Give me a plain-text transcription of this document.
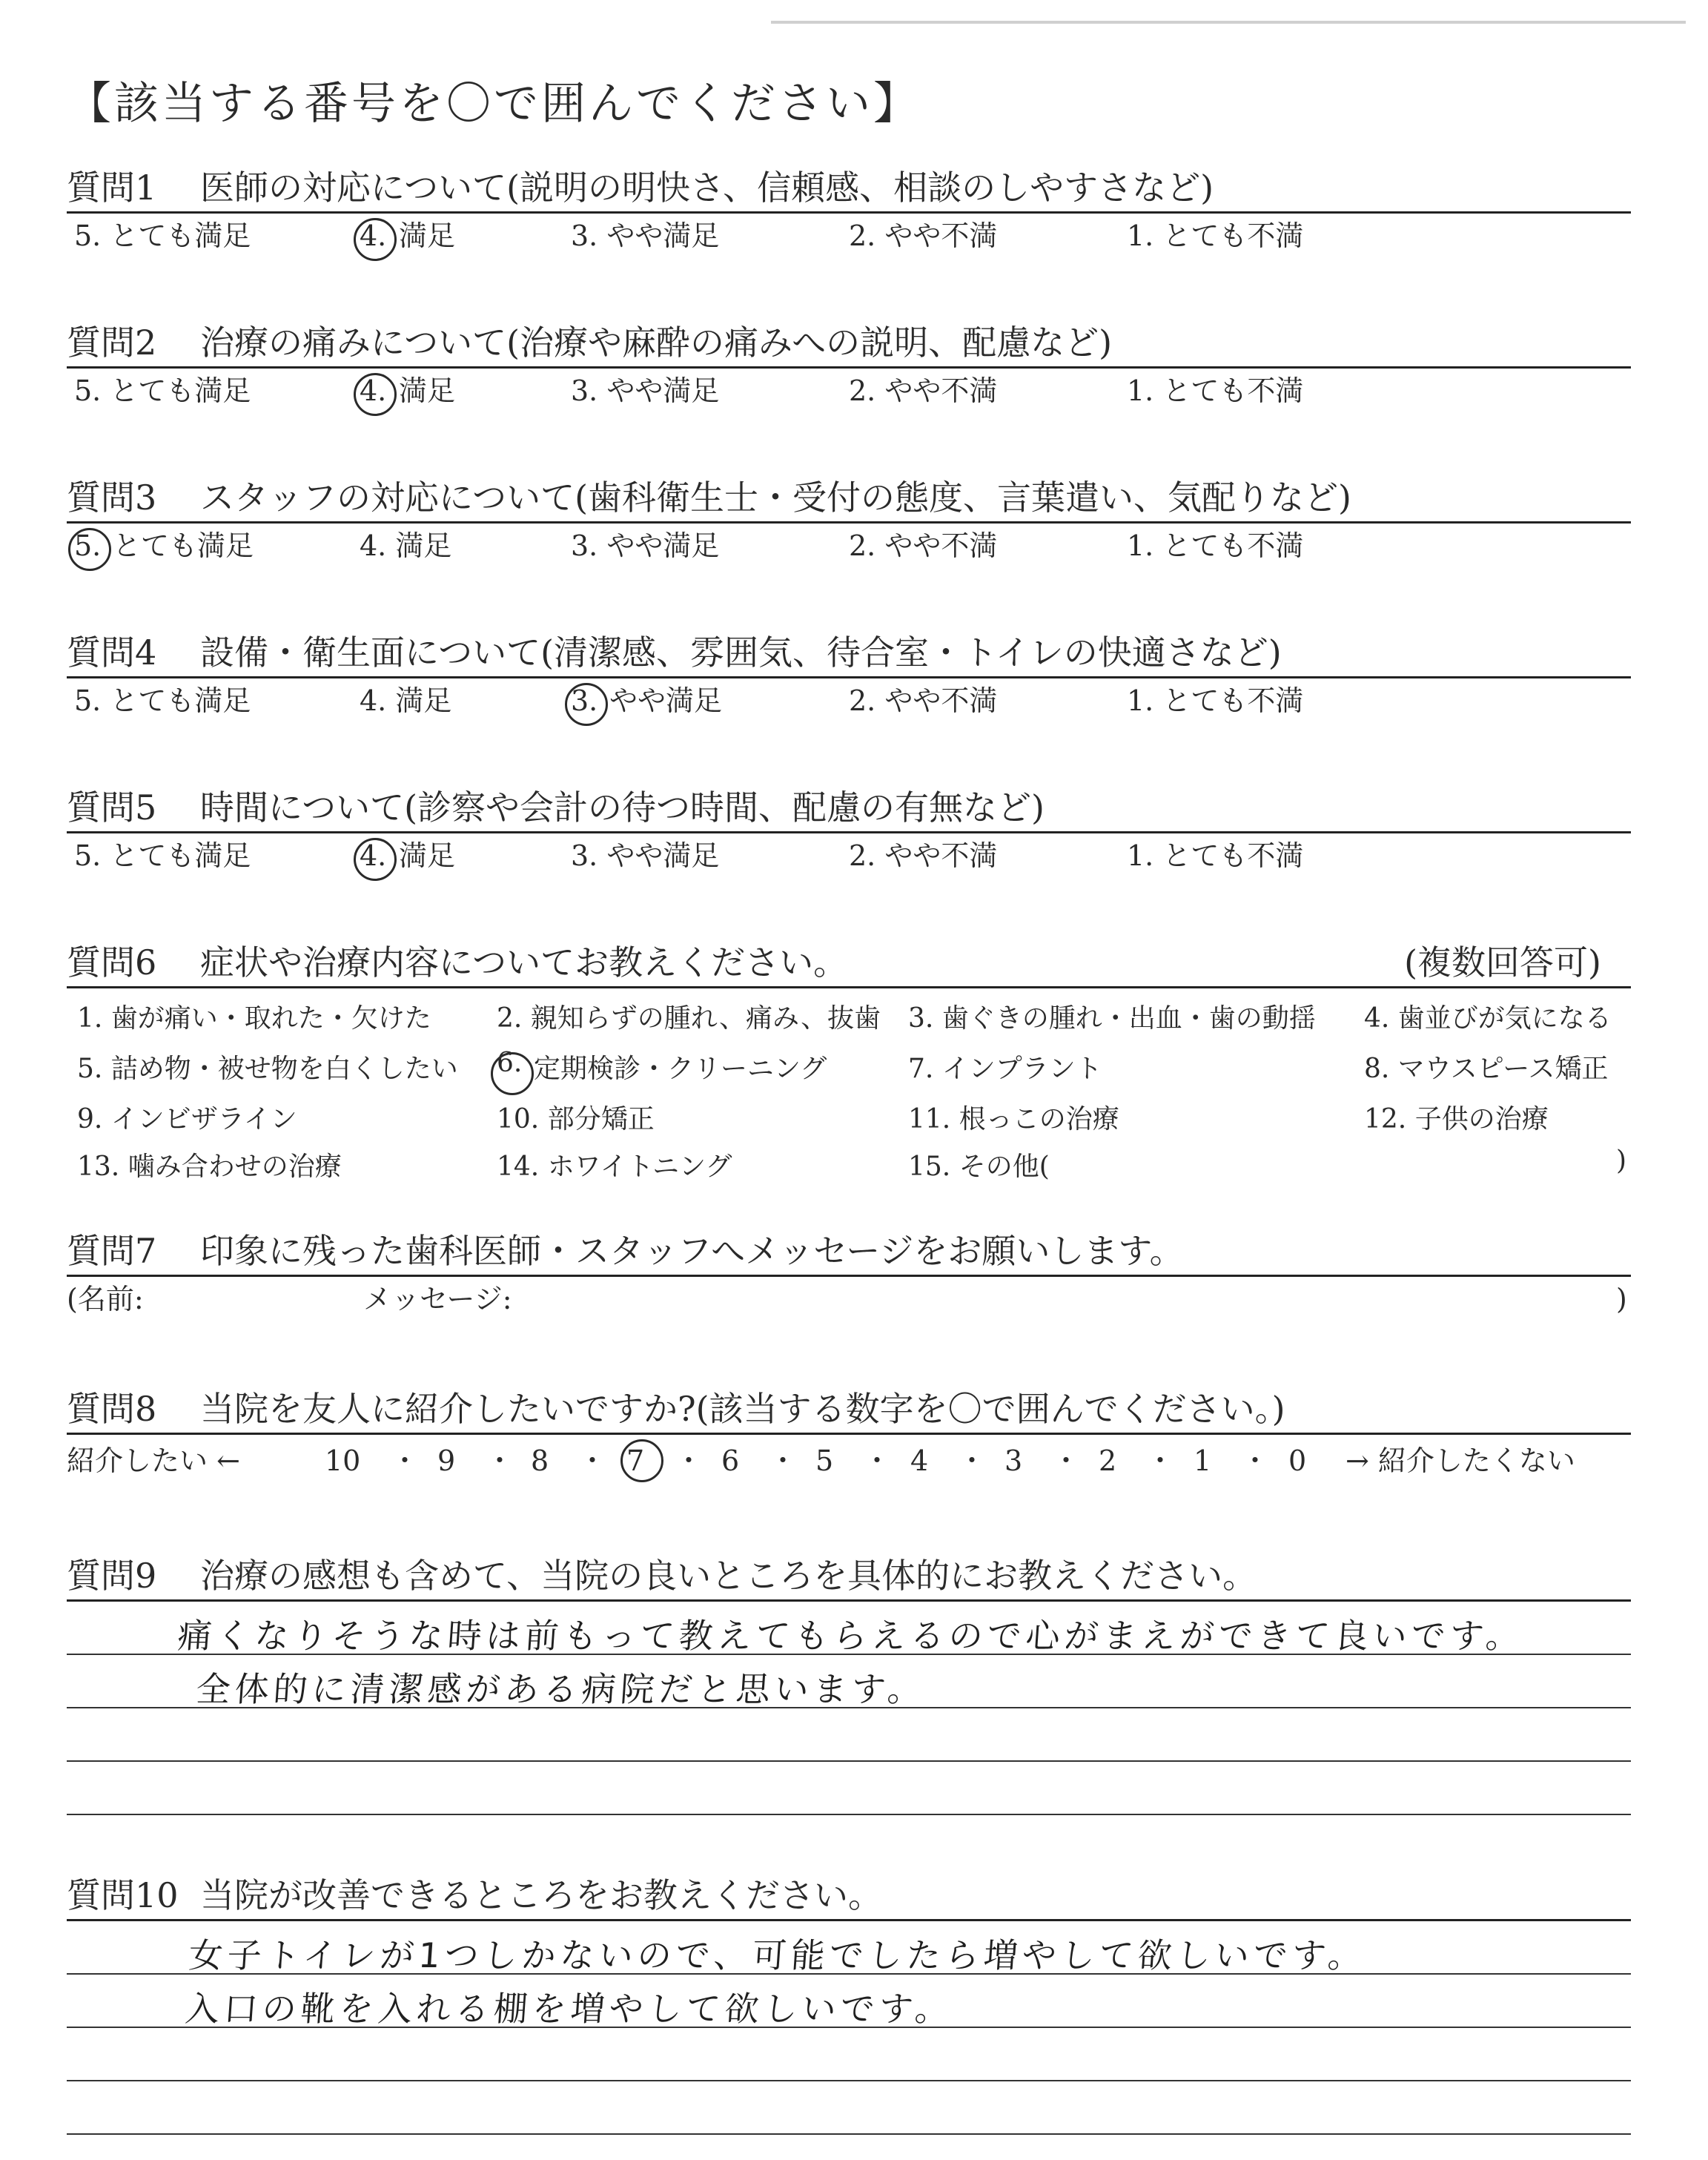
【該当する番号を〇で囲んでください】
質問1 医師の対応について(説明の明快さ、信頼感、相談のしやすさなど)
5. とても満足	4. 満足	3. やや満足	2. やや不満	1. とても不満
質問2 治療の痛みについて(治療や麻酔の痛みへの説明、配慮など)
5. とても満足	4. 満足	3. やや満足	2. やや不満	1. とても不満
質問3 スタッフの対応について(歯科衛生士・受付の態度、言葉遣い、気配りなど)
5. とても満足	4. 満足	3. やや満足	2. やや不満	1. とても不満
質問4 設備・衛生面について(清潔感、雰囲気、待合室・トイレの快適さなど)
5. とても満足	4. 満足	3. やや満足	2. やや不満	1. とても不満
質問5 時間について(診察や会計の待つ時間、配慮の有無など)
5. とても満足	4. 満足	3. やや満足	2. やや不満	1. とても不満
質問6 症状や治療内容についてお教えください。	(複数回答可)
1. 歯が痛い・取れた・欠けた 2. 親知らずの腫れ、痛み、抜歯 3. 歯ぐきの腫れ・出血・歯の動揺 4. 歯並びが気になる
5. 詰め物・被せ物を白くしたい 6. 定期検診・クリーニング	7. インプラント	8. マウスピース矯正
9. インビザライン	10. 部分矯正	11. 根っこの治療	12. 子供の治療
13. 噛み合わせの治療	14. ホワイトニング	15. その他(	)
質問7 印象に残った歯科医師・スタッフへメッセージをお願いします。
(名前:	メッセージ:	)
質問8 当院を友人に紹介したいですか?(該当する数字を〇で囲んでください。)
紹介したい ←	10 ・ 9 ・ 8 ・ 7 ・ 6 ・ 5 ・ 4 ・ 3 ・ 2 ・ 1 ・ 0 → 紹介したくない
質問9 治療の感想も含めて、当院の良いところを具体的にお教えください。
痛くなりそうな時は前もって教えてもらえるので心がまえができて良いです。
全体的に清潔感がある病院だと思います。
質問10 当院が改善できるところをお教えください。
女子トイレが1つしかないので、可能でしたら増やして欲しいです。
入口の靴を入れる棚を増やして欲しいです。
